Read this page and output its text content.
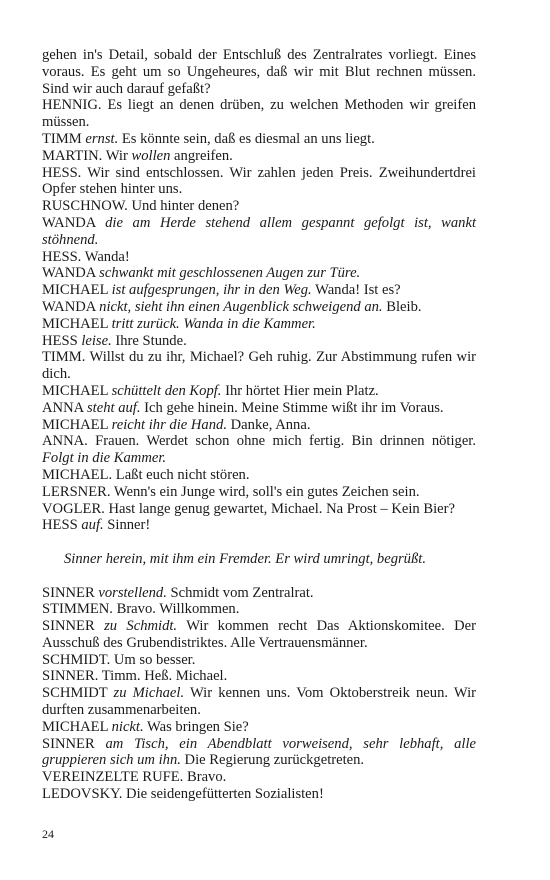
gehen in's Detail, sobald der Entschluß des Zentralrates vorliegt. Eines voraus. Es geht um so Ungeheures, daß wir mit Blut rechnen müssen. Sind wir auch darauf gefaßt?

HENNIG. Es liegt an denen drüben, zu welchen Methoden wir greifen müssen.

TIMM ernst. Es könnte sein, daß es diesmal an uns liegt.

MARTIN. Wir wollen angreifen.

HESS. Wir sind entschlossen. Wir zahlen jeden Preis. Zweihundertdrei Opfer stehen hinter uns.

RUSCHNOW. Und hinter denen?

WANDA die am Herde stehend allem gespannt gefolgt ist, wankt stöhnend.

HESS. Wanda!

WANDA schwankt mit geschlossenen Augen zur Türe.

MICHAEL ist aufgesprungen, ihr in den Weg. Wanda! Ist es?

WANDA nickt, sieht ihn einen Augenblick schweigend an. Bleib.

MICHAEL tritt zurück. Wanda in die Kammer.

HESS leise. Ihre Stunde.

TIMM. Willst du zu ihr, Michael? Geh ruhig. Zur Abstimmung rufen wir dich.

MICHAEL schüttelt den Kopf. Ihr hörtet Hier mein Platz.

ANNA steht auf. Ich gehe hinein. Meine Stimme wißt ihr im Voraus.

MICHAEL reicht ihr die Hand. Danke, Anna.

ANNA. Frauen. Werdet schon ohne mich fertig. Bin drinnen nötiger. Folgt in die Kammer.

MICHAEL. Laßt euch nicht stören.

LERSNER. Wenn's ein Junge wird, soll's ein gutes Zeichen sein.

VOGLER. Hast lange genug gewartet, Michael. Na Prost – Kein Bier?

HESS auf. Sinner!

Sinner herein, mit ihm ein Fremder. Er wird umringt, begrüßt.

SINNER vorstellend. Schmidt vom Zentralrat.

STIMMEN. Bravo. Willkommen.

SINNER zu Schmidt. Wir kommen recht Das Aktionskomitee. Der Ausschuß des Grubendistriktes. Alle Vertrauensmänner.

SCHMIDT. Um so besser.

SINNER. Timm. Heß. Michael.

SCHMIDT zu Michael. Wir kennen uns. Vom Oktoberstreik neun. Wir durften zusammenarbeiten.

MICHAEL nickt. Was bringen Sie?

SINNER am Tisch, ein Abendblatt vorweisend, sehr lebhaft, alle gruppieren sich um ihn. Die Regierung zurückgetreten.

VEREINZELTE RUFE. Bravo.

LEDOVSKY. Die seidengefütterten Sozialisten!

24
